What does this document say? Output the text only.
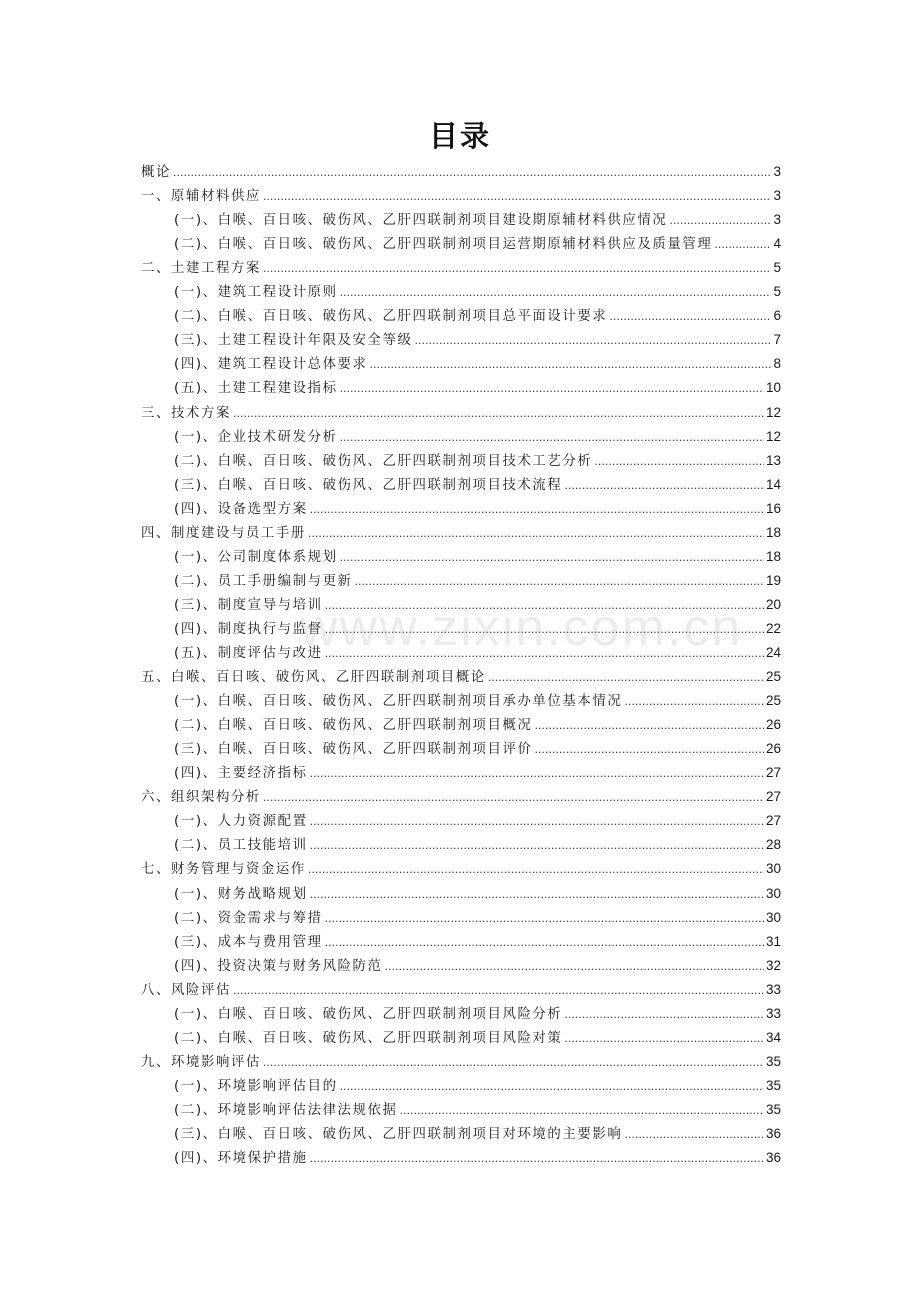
目录
概论 .....	3
一、原辅材料供应 .....	3
(一)、白喉、百日咳、破伤风、乙肝四联制剂项目建设期原辅材料供应情况 .....	3
(二)、白喉、百日咳、破伤风、乙肝四联制剂项目运营期原辅材料供应及质量管理 .....	4
二、土建工程方案 .....	5
(一)、建筑工程设计原则 .....	5
(二)、白喉、百日咳、破伤风、乙肝四联制剂项目总平面设计要求 .....	6
(三)、土建工程设计年限及安全等级 .....	7
(四)、建筑工程设计总体要求 .....	8
(五)、土建工程建设指标 .....	10
三、技术方案 .....	12
(一)、企业技术研发分析 .....	12
(二)、白喉、百日咳、破伤风、乙肝四联制剂项目技术工艺分析 .....	13
(三)、白喉、百日咳、破伤风、乙肝四联制剂项目技术流程 .....	14
(四)、设备选型方案 .....	16
四、制度建设与员工手册 .....	18
(一)、公司制度体系规划 .....	18
(二)、员工手册编制与更新 .....	19
(三)、制度宣导与培训 .....	20
(四)、制度执行与监督 .....	22
(五)、制度评估与改进 .....	24
五、白喉、百日咳、破伤风、乙肝四联制剂项目概论 .....	25
(一)、白喉、百日咳、破伤风、乙肝四联制剂项目承办单位基本情况 .....	25
(二)、白喉、百日咳、破伤风、乙肝四联制剂项目概况 .....	26
(三)、白喉、百日咳、破伤风、乙肝四联制剂项目评价 .....	26
(四)、主要经济指标 .....	27
六、组织架构分析 .....	27
(一)、人力资源配置 .....	27
(二)、员工技能培训 .....	28
七、财务管理与资金运作 .....	30
(一)、财务战略规划 .....	30
(二)、资金需求与筹措 .....	30
(三)、成本与费用管理 .....	31
(四)、投资决策与财务风险防范 .....	32
八、风险评估 .....	33
(一)、白喉、百日咳、破伤风、乙肝四联制剂项目风险分析 .....	33
(二)、白喉、百日咳、破伤风、乙肝四联制剂项目风险对策 .....	34
九、环境影响评估 .....	35
(一)、环境影响评估目的 .....	35
(二)、环境影响评估法律法规依据 .....	35
(三)、白喉、百日咳、破伤风、乙肝四联制剂项目对环境的主要影响 .....	36
(四)、环境保护措施 .....	36
www.zixin.com.cn
